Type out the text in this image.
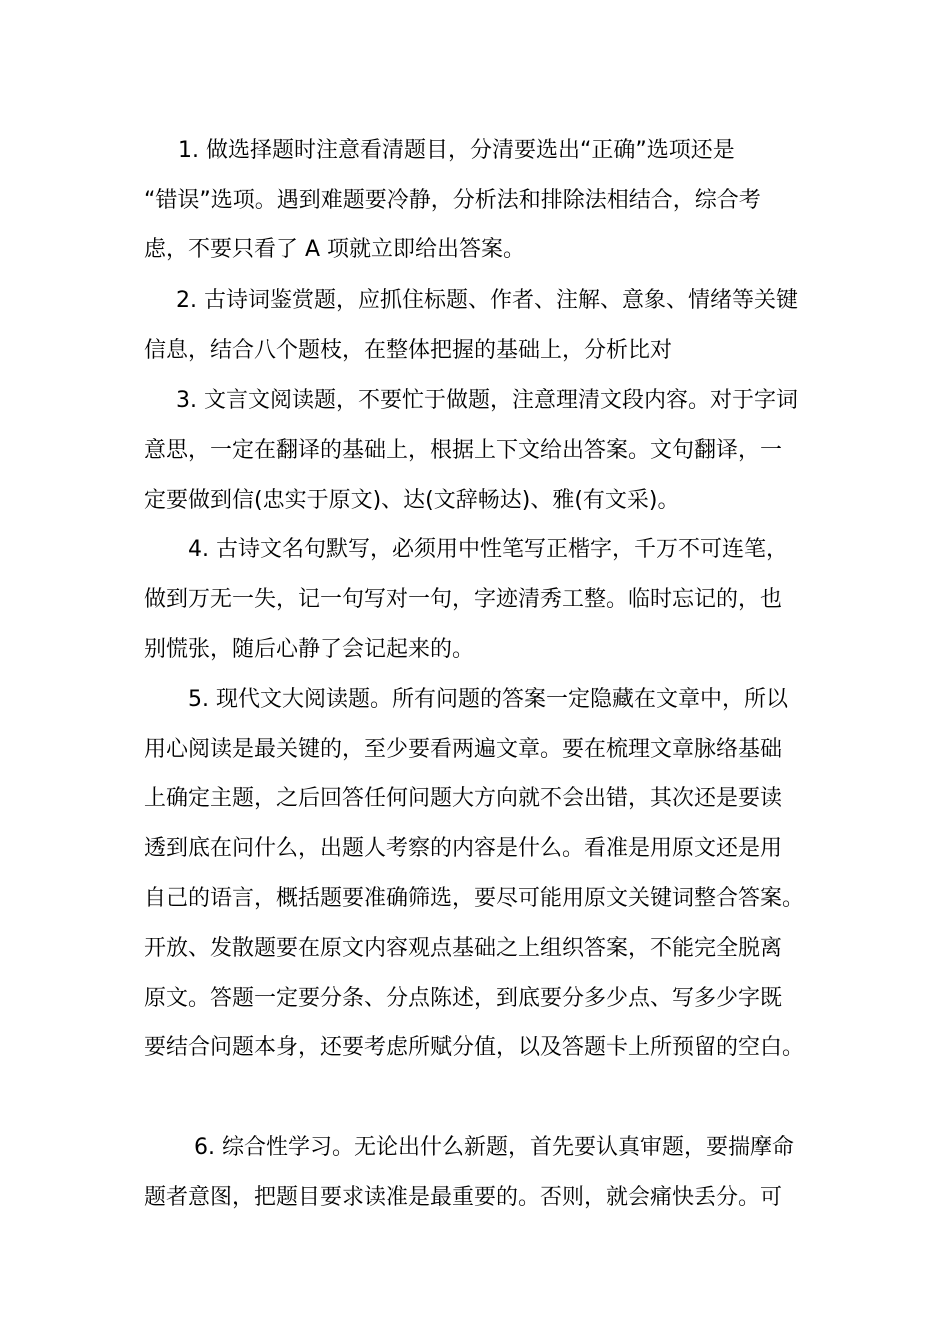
1. 做选择题时注意看清题目，分清要选出“正确”选项还是
“错误”选项。遇到难题要冷静，分析法和排除法相结合，综合考
虑，不要只看了 A 项就立即给出答案。
2. 古诗词鉴赏题，应抓住标题、作者、注解、意象、情绪等关键
信息，结合八个题枝，在整体把握的基础上，分析比对
3. 文言文阅读题，不要忙于做题，注意理清文段内容。对于字词
意思，一定在翻译的基础上，根据上下文给出答案。文句翻译，一
定要做到信(忠实于原文)、达(文辞畅达)、雅(有文采)。
4. 古诗文名句默写，必须用中性笔写正楷字，千万不可连笔，
做到万无一失，记一句写对一句，字迹清秀工整。临时忘记的，也
别慌张，随后心静了会记起来的。
5. 现代文大阅读题。所有问题的答案一定隐藏在文章中，所以
用心阅读是最关键的，至少要看两遍文章。要在梳理文章脉络基础
上确定主题，之后回答任何问题大方向就不会出错，其次还是要读
透到底在问什么，出题人考察的内容是什么。看准是用原文还是用
自己的语言，概括题要准确筛选，要尽可能用原文关键词整合答案。
开放、发散题要在原文内容观点基础之上组织答案，不能完全脱离
原文。答题一定要分条、分点陈述，到底要分多少点、写多少字既
要结合问题本身，还要考虑所赋分值，以及答题卡上所预留的空白。
6. 综合性学习。无论出什么新题，首先要认真审题，要揣摩命
题者意图，把题目要求读准是最重要的。否则，就会痛快丢分。可
